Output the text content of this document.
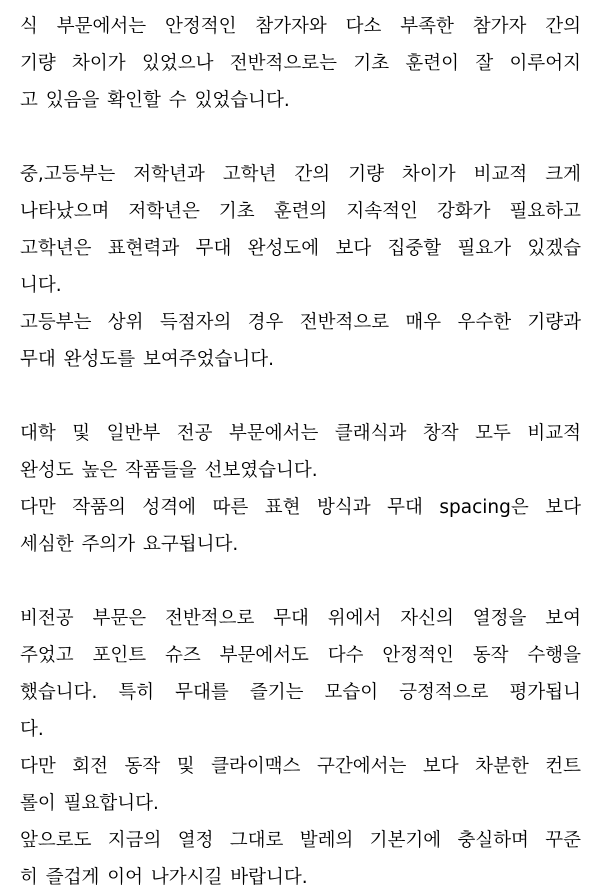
식 부문에서는 안정적인 참가자와 다소 부족한 참가자 간의
기량 차이가 있었으나 전반적으로는 기초 훈련이 잘 이루어지
고 있음을 확인할 수 있었습니다.
중,고등부는 저학년과 고학년 간의 기량 차이가 비교적 크게
나타났으며 저학년은 기초 훈련의 지속적인 강화가 필요하고
고학년은 표현력과 무대 완성도에 보다 집중할 필요가 있겠습
니다.
고등부는 상위 득점자의 경우 전반적으로 매우 우수한 기량과
무대 완성도를 보여주었습니다.
대학 및 일반부 전공 부문에서는 클래식과 창작 모두 비교적
완성도 높은 작품들을 선보였습니다.
다만 작품의 성격에 따른 표현 방식과 무대 spacing은 보다
세심한 주의가 요구됩니다.
비전공 부문은 전반적으로 무대 위에서 자신의 열정을 보여
주었고 포인트 슈즈 부문에서도 다수 안정적인 동작 수행을
했습니다. 특히 무대를 즐기는 모습이 긍정적으로 평가됩니
다.
다만 회전 동작 및 클라이맥스 구간에서는 보다 차분한 컨트
롤이 필요합니다.
앞으로도 지금의 열정 그대로 발레의 기본기에 충실하며 꾸준
히 즐겁게 이어 나가시길 바랍니다.
